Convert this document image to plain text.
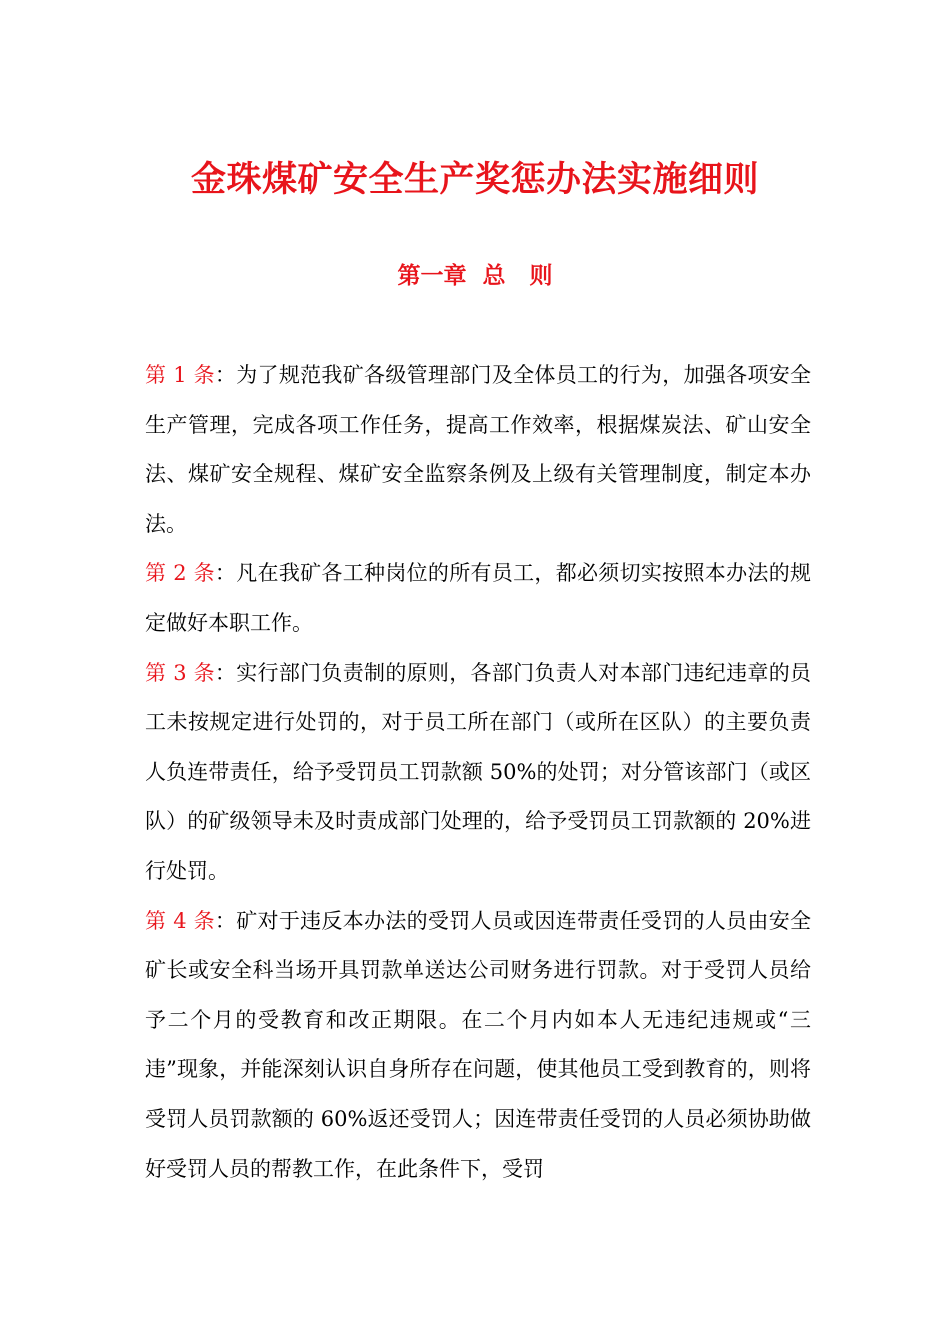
金珠煤矿安全生产奖惩办法实施细则
第一章  总   则

第 1 条：为了规范我矿各级管理部门及全体员工的行为，加强各项安全生产管理，完成各项工作任务，提高工作效率，根据煤炭法、矿山安全法、煤矿安全规程、煤矿安全监察条例及上级有关管理制度，制定本办法。

第 2 条：凡在我矿各工种岗位的所有员工，都必须切实按照本办法的规定做好本职工作。

第 3 条：实行部门负责制的原则，各部门负责人对本部门违纪违章的员工未按规定进行处罚的，对于员工所在部门（或所在区队）的主要负责人负连带责任，给予受罚员工罚款额 50%的处罚；对分管该部门（或区队）的矿级领导未及时责成部门处理的，给予受罚员工罚款额的 20%进行处罚。

第 4 条：矿对于违反本办法的受罚人员或因连带责任受罚的人员由安全矿长或安全科当场开具罚款单送达公司财务进行罚款。对于受罚人员给予二个月的受教育和改正期限。在二个月内如本人无违纪违规或“三违”现象，并能深刻认识自身所存在问题，使其他员工受到教育的，则将受罚人员罚款额的 60%返还受罚人；因连带责任受罚的人员必须协助做好受罚人员的帮教工作，在此条件下，受罚
